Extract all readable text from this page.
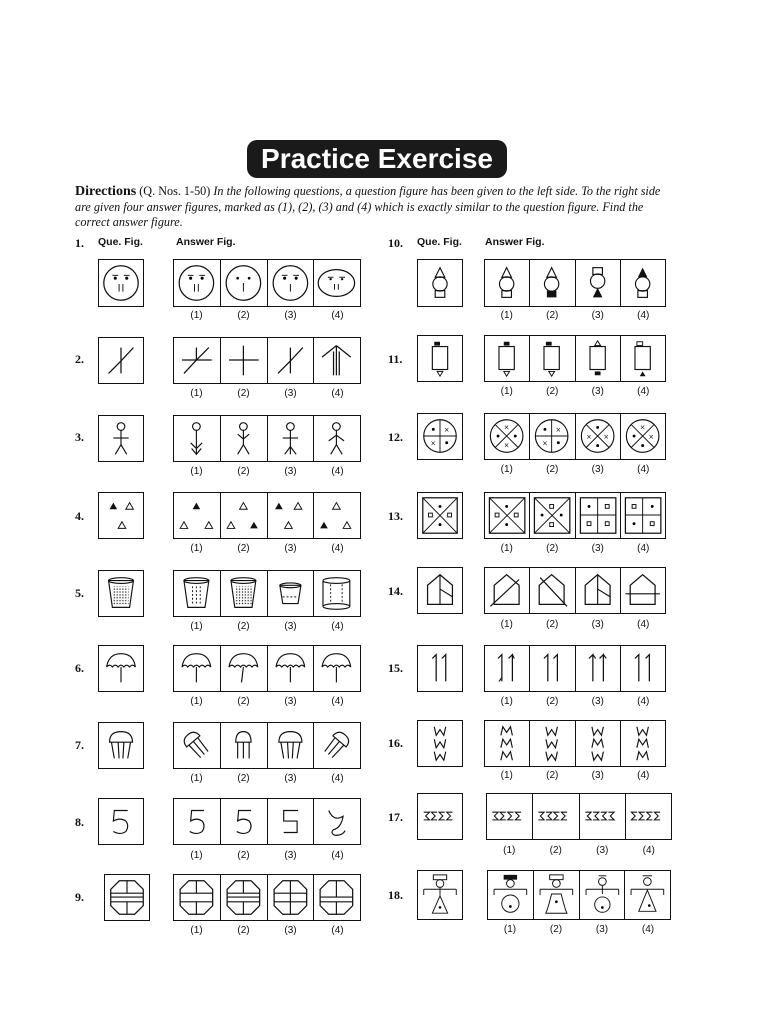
Practice Exercise
Directions (Q. Nos. 1-50) In the following questions, a question figure has been given to the left side. To the right side are given four answer figures, marked as (1), (2), (3) and (4) which is exactly similar to the question figure. Find the correct answer figure.
Que. Fig.	Answer Fig.	Que. Fig. Answer Fig.
1.
(1)	(2)	(3)	(4)
2.
(1)	(2)	(3)	(4)
3.
(1)	(2)	(3)	(4)
4.
(1)	(2)	(3)	(4)
5.
(1)	(2)	(3)	(4)
6.
(1)	(2)	(3)	(4)
7.
(1)	(2)	(3)	(4)
8.
(1)	(2)	(3)	(4)
9.
(1)	(2)	(3)	(4)
10.
(1)	(2)	(3)	(4)
11.
(1)	(2)	(3)	(4)
12.	×
×
×
×
×
×
× ×
×
×
(1)	(2)	(3)	(4)
13.
(1)	(2)	(3)	(4)
14.
(1)	(2)	(3)	(4)
15.
(1)	(2)	(3)	(4)
16.
(1)	(2)	(3)	(4)
17.
(1)	(2)	(3)	(4)
18.
(1)	(2)	(3)	(4)
